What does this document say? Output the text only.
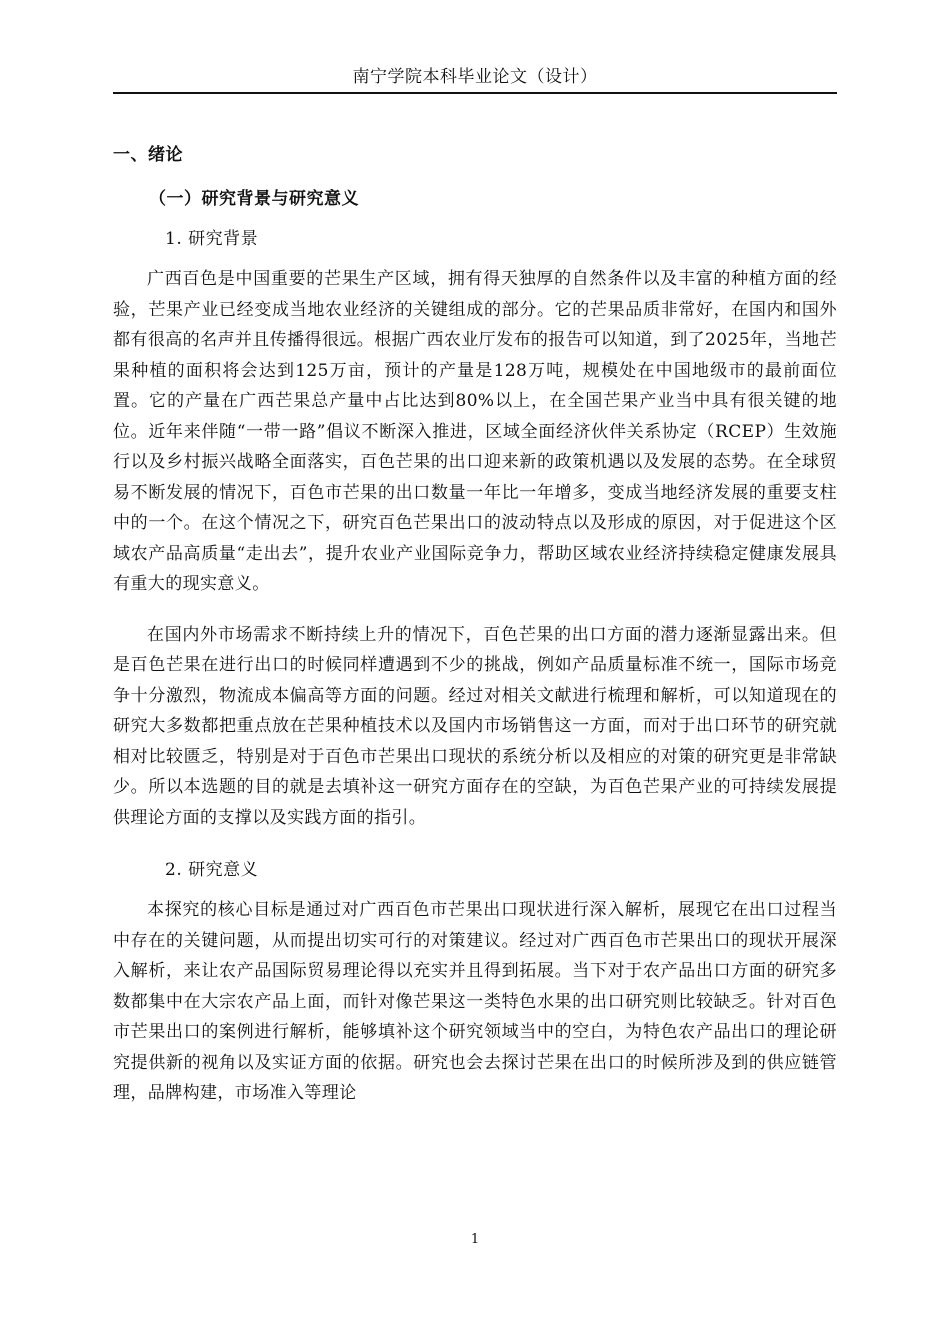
南宁学院本科毕业论文（设计）
一、绪论
（一）研究背景与研究意义
1. 研究背景

广西百色是中国重要的芒果生产区域，拥有得天独厚的自然条件以及丰富的种植方面的经验，芒果产业已经变成当地农业经济的关键组成的部分。它的芒果品质非常好，在国内和国外都有很高的名声并且传播得很远。根据广西农业厅发布的报告可以知道，到了2025年，当地芒果种植的面积将会达到125万亩，预计的产量是128万吨，规模处在中国地级市的最前面位置。它的产量在广西芒果总产量中占比达到80%以上，在全国芒果产业当中具有很关键的地位。近年来伴随“一带一路”倡议不断深入推进，区域全面经济伙伴关系协定（RCEP）生效施行以及乡村振兴战略全面落实，百色芒果的出口迎来新的政策机遇以及发展的态势。在全球贸易不断发展的情况下，百色市芒果的出口数量一年比一年增多，变成当地经济发展的重要支柱中的一个。在这个情况之下，研究百色芒果出口的波动特点以及形成的原因，对于促进这个区域农产品高质量“走出去”，提升农业产业国际竞争力，帮助区域农业经济持续稳定健康发展具有重大的现实意义。

在国内外市场需求不断持续上升的情况下，百色芒果的出口方面的潜力逐渐显露出来。但是百色芒果在进行出口的时候同样遭遇到不少的挑战，例如产品质量标准不统一，国际市场竞争十分激烈，物流成本偏高等方面的问题。经过对相关文献进行梳理和解析，可以知道现在的研究大多数都把重点放在芒果种植技术以及国内市场销售这一方面，而对于出口环节的研究就相对比较匮乏，特别是对于百色市芒果出口现状的系统分析以及相应的对策的研究更是非常缺少。所以本选题的目的就是去填补这一研究方面存在的空缺，为百色芒果产业的可持续发展提供理论方面的支撑以及实践方面的指引。

2. 研究意义

本探究的核心目标是通过对广西百色市芒果出口现状进行深入解析，展现它在出口过程当中存在的关键问题，从而提出切实可行的对策建议。经过对广西百色市芒果出口的现状开展深入解析，来让农产品国际贸易理论得以充实并且得到拓展。当下对于农产品出口方面的研究多数都集中在大宗农产品上面，而针对像芒果这一类特色水果的出口研究则比较缺乏。针对百色市芒果出口的案例进行解析，能够填补这个研究领域当中的空白，为特色农产品出口的理论研究提供新的视角以及实证方面的依据。研究也会去探讨芒果在出口的时候所涉及到的供应链管理，品牌构建，市场准入等理论

1
